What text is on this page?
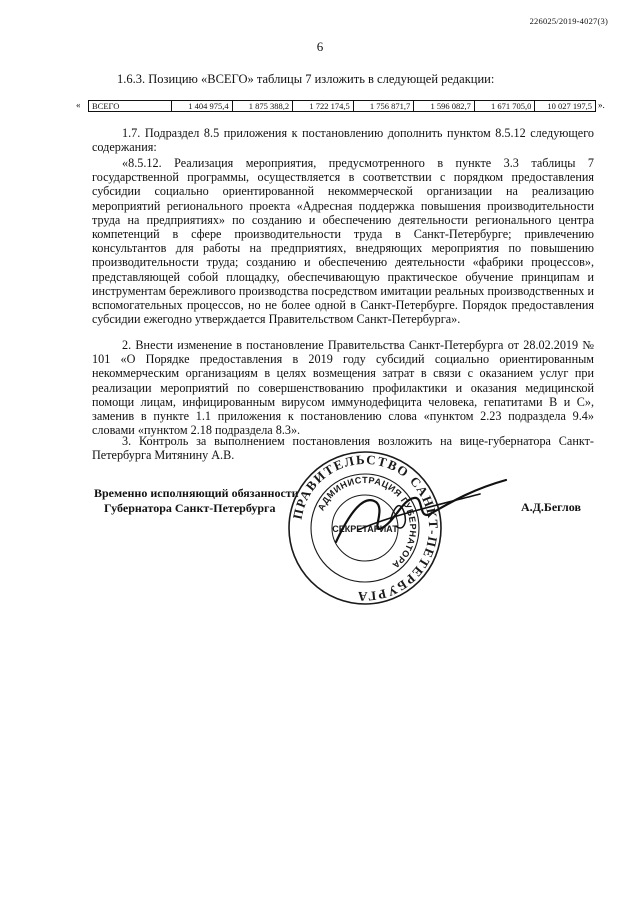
226025/2019-4027(3)
6
1.6.3. Позицию «ВСЕГО» таблицы 7 изложить в следующей редакции:
« ВСЕГО	1 404 975,4	1 875 388,2	1 722 174,5	1 756 871,7	1 596 082,7	1 671 705,0	10 027 197,5 ».

1.7. Подраздел 8.5 приложения к постановлению дополнить пунктом 8.5.12 следующего содержания:

«8.5.12. Реализация мероприятия, предусмотренного в пункте 3.3 таблицы 7 государственной программы, осуществляется в соответствии с порядком предоставления субсидии социально ориентированной некоммерческой организации на реализацию мероприятий регионального проекта «Адресная поддержка повышения производительности труда на предприятиях» по созданию и обеспечению деятельности регионального центра компетенций в сфере производительности труда в Санкт-Петербурге; привлечению консультантов для работы на предприятиях, внедряющих мероприятия по повышению производительности труда; созданию и обеспечению деятельности «фабрики процессов», представляющей собой площадку, обеспечивающую практическое обучение принципам и инструментам бережливого производства посредством имитации реальных производственных и вспомогательных процессов, но не более одной в Санкт-Петербурге. Порядок предоставления субсидии ежегодно утверждается Правительством Санкт-Петербурга».

2. Внести изменение в постановление Правительства Санкт-Петербурга от 28.02.2019 № 101 «О Порядке предоставления в 2019 году субсидий социально ориентированным некоммерческим организациям в целях возмещения затрат в связи с оказанием услуг при реализации мероприятий по совершенствованию профилактики и оказания медицинской помощи лицам, инфицированным вирусом иммунодефицита человека, гепатитами В и С», заменив в пункте 1.1 приложения к постановлению слова «пунктом 2.23 подраздела 9.4» словами «пунктом 2.18 подраздела 8.3».

3. Контроль за выполнением постановления возложить на вице-губернатора Санкт-Петербурга Митянину А.В.

Временно исполняющий обязанности
Губернатора Санкт-Петербурга	А.Д.Беглов
ПРАВИТЕЛЬСТВО САНКТ-ПЕТЕРБУРГА
АДМИНИСТРАЦИЯ ГУБЕРНАТОРА
СЕКРЕТАРИАТ
